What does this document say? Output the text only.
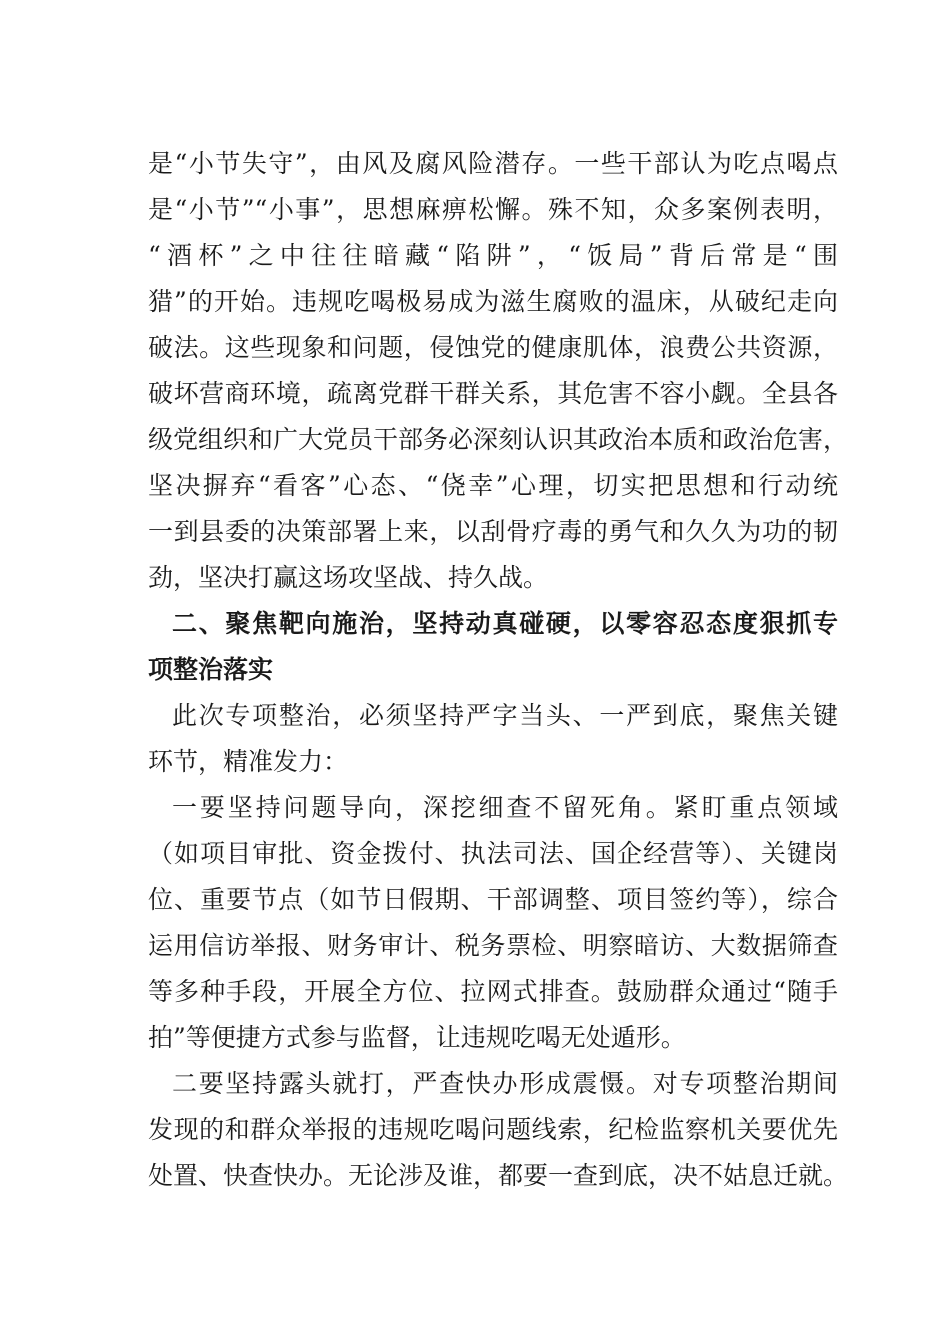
是“小节失守”，由风及腐风险潜存。一些干部认为吃点喝点
是“小节”“小事”，思想麻痹松懈。殊不知，众多案例表明，
“酒杯”之中往往暗藏“陷阱”，“饭局”背后常是“围
猎”的开始。违规吃喝极易成为滋生腐败的温床，从破纪走向
破法。这些现象和问题，侵蚀党的健康肌体，浪费公共资源，
破坏营商环境，疏离党群干群关系，其危害不容小觑。全县各
级党组织和广大党员干部务必深刻认识其政治本质和政治危害，
坚决摒弃“看客”心态、“侥幸”心理，切实把思想和行动统
一到县委的决策部署上来，以刮骨疗毒的勇气和久久为功的韧
劲，坚决打赢这场攻坚战、持久战。
二、聚焦靶向施治，坚持动真碰硬，以零容忍态度狠抓专
项整治落实
此次专项整治，必须坚持严字当头、一严到底，聚焦关键
环节，精准发力：
一要坚持问题导向，深挖细查不留死角。紧盯重点领域
（如项目审批、资金拨付、执法司法、国企经营等）、关键岗
位、重要节点（如节日假期、干部调整、项目签约等），综合
运用信访举报、财务审计、税务票检、明察暗访、大数据筛查
等多种手段，开展全方位、拉网式排查。鼓励群众通过“随手
拍”等便捷方式参与监督，让违规吃喝无处遁形。
二要坚持露头就打，严查快办形成震慑。对专项整治期间
发现的和群众举报的违规吃喝问题线索，纪检监察机关要优先
处置、快查快办。无论涉及谁，都要一查到底，决不姑息迁就。
